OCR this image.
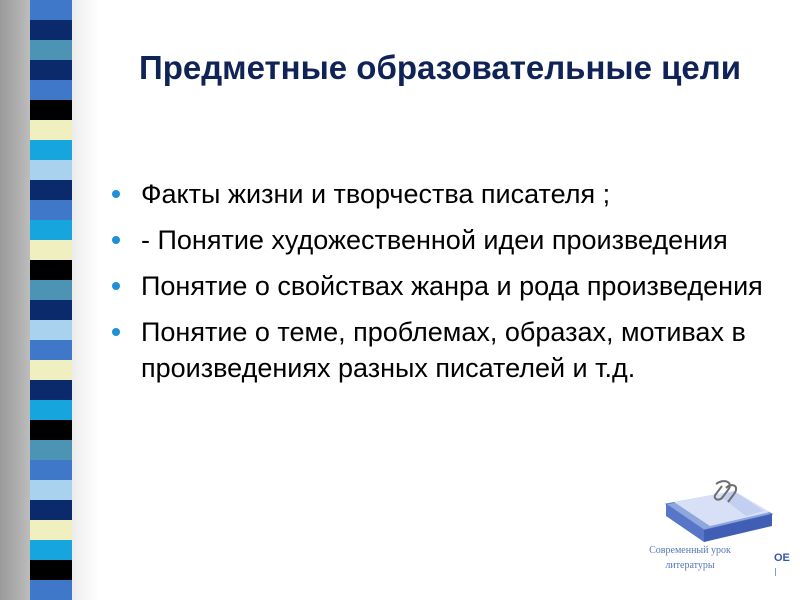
Предметные образовательные цели
Факты жизни и творчества писателя ;
- Понятие художественной идеи произведения
Понятие о свойствах жанра и рода произведения
Понятие о теме, проблемах, образах, мотивах в произведениях разных писателей и т.д.
Современный урок
литературы
ОЕ
